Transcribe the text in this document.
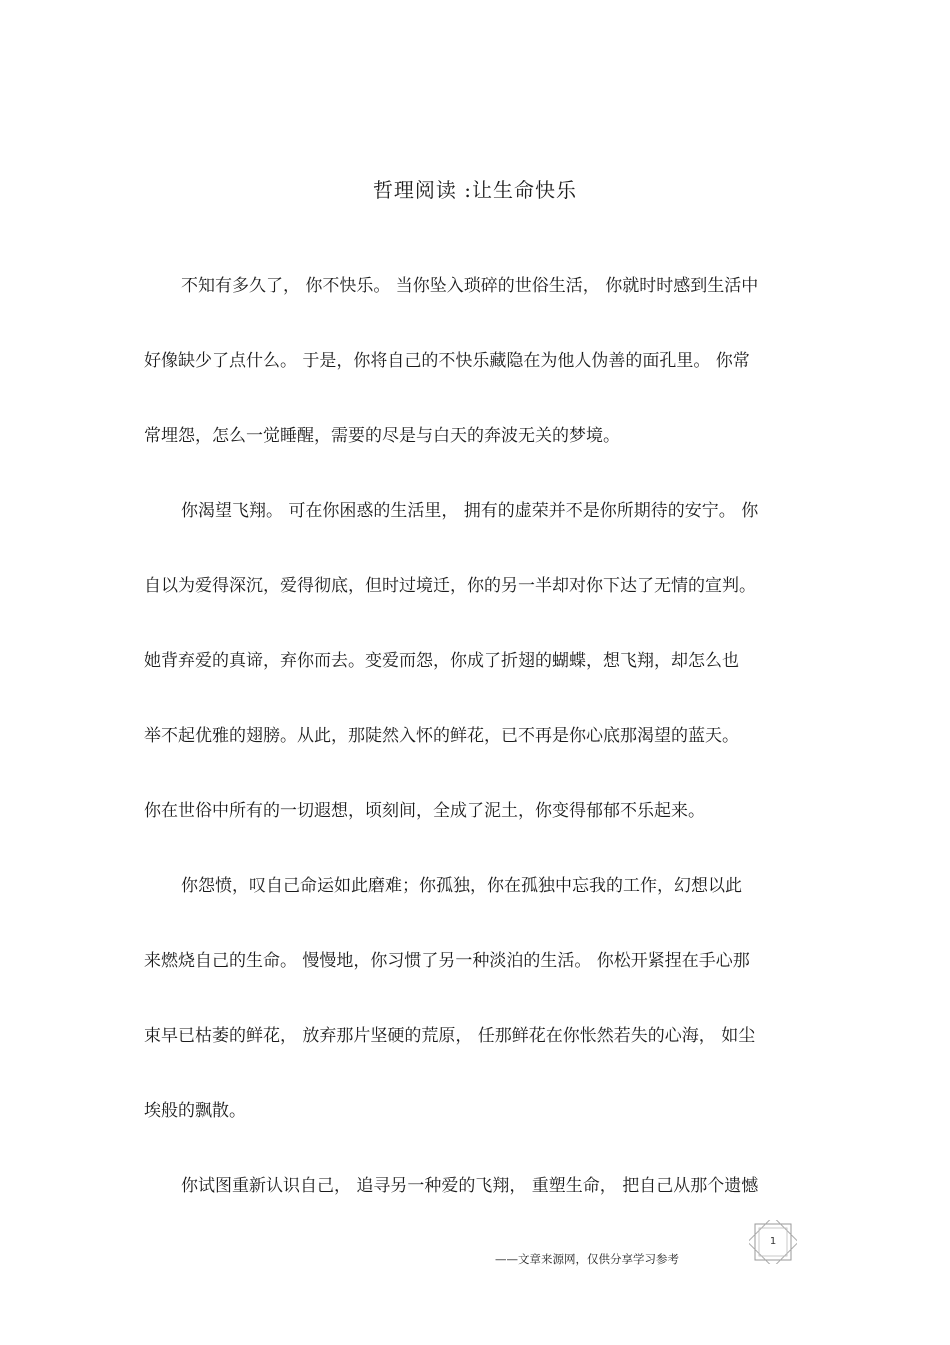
哲理阅读 :让生命快乐

不知有多久了， 你不快乐。 当你坠入琐碎的世俗生活， 你就时时感到生活中

好像缺少了点什么。 于是，你将自己的不快乐藏隐在为他人伪善的面孔里。 你常

常埋怨，怎么一觉睡醒，需要的尽是与白天的奔波无关的梦境。

你渴望飞翔。 可在你困惑的生活里， 拥有的虚荣并不是你所期待的安宁。 你

自以为爱得深沉，爱得彻底，但时过境迁，你的另一半却对你下达了无情的宣判。

她背弃爱的真谛，弃你而去。变爱而怨，你成了折翅的蝴蝶，想飞翔，却怎么也

举不起优雅的翅膀。从此，那陡然入怀的鲜花，已不再是你心底那渴望的蓝天。

你在世俗中所有的一切遐想，顷刻间，全成了泥土，你变得郁郁不乐起来。

你怨愤，叹自己命运如此磨难；你孤独，你在孤独中忘我的工作，幻想以此

来燃烧自己的生命。 慢慢地，你习惯了另一种淡泊的生活。 你松开紧捏在手心那

束早已枯萎的鲜花， 放弃那片坚硬的荒原， 任那鲜花在你怅然若失的心海， 如尘

埃般的飘散。

你试图重新认识自己， 追寻另一种爱的飞翔， 重塑生命， 把自己从那个遗憾

1
——文章来源网，仅供分享学习参考
